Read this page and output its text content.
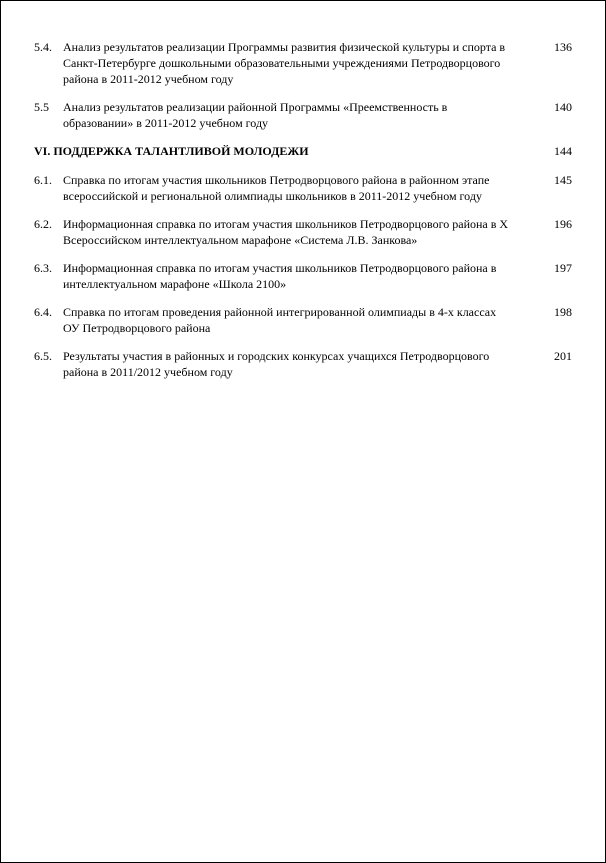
5.4. Анализ результатов реализации Программы развития физической культуры и спорта в Санкт-Петербурге дошкольными образовательными учреждениями Петродворцового района в 2011-2012 учебном году
136
5.5	Анализ результатов реализации районной Программы «Преемственность в образовании» в 2011-2012 учебном году
140
VI. ПОДДЕРЖКА ТАЛАНТЛИВОЙ МОЛОДЕЖИ	144
6.1. Справка по итогам участия школьников Петродворцового района в районном этапе всероссийской и региональной олимпиады школьников в 2011-2012 учебном году
145
6.2. Информационная справка по итогам участия школьников Петродворцового района в X Всероссийском интеллектуальном марафоне «Система Л.В. Занкова»
196
6.3. Информационная справка по итогам участия школьников Петродворцового района в интеллектуальном марафоне «Школа 2100»
197
6.4. Справка по итогам проведения районной интегрированной олимпиады в 4-х классах ОУ Петродворцового района
198
6.5. Результаты участия в районных и городских конкурсах учащихся Петродворцового района в 2011/2012 учебном году
201
